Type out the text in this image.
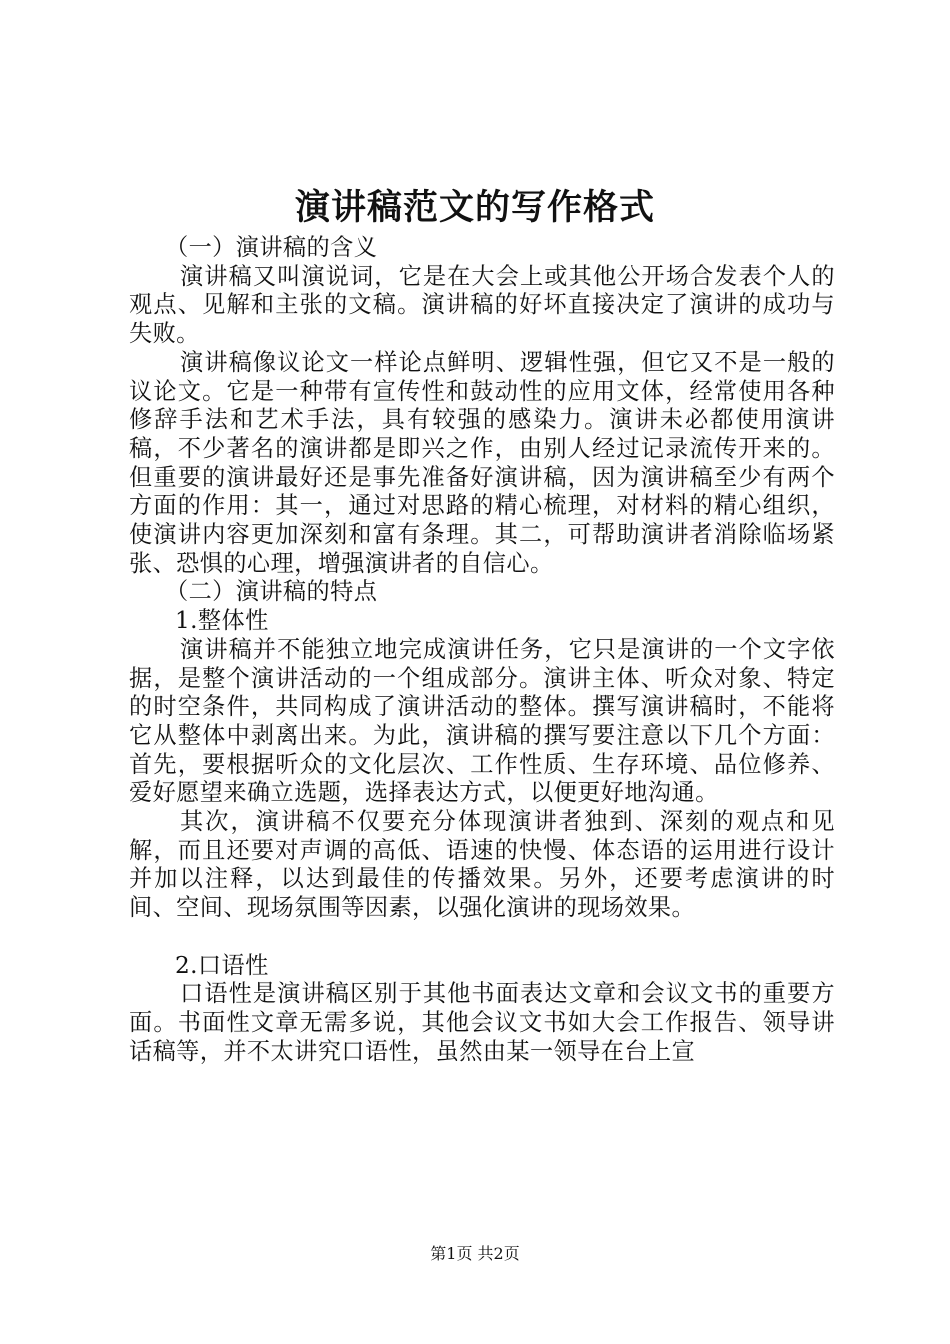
演讲稿范文的写作格式

（一）演讲稿的含义

演讲稿又叫演说词，它是在大会上或其他公开场合发表个人的观点、见解和主张的文稿。演讲稿的好坏直接决定了演讲的成功与失败。

演讲稿像议论文一样论点鲜明、逻辑性强，但它又不是一般的议论文。它是一种带有宣传性和鼓动性的应用文体，经常使用各种修辞手法和艺术手法，具有较强的感染力。演讲未必都使用演讲稿，不少著名的演讲都是即兴之作，由别人经过记录流传开来的。但重要的演讲最好还是事先准备好演讲稿，因为演讲稿至少有两个方面的作用：其一，通过对思路的精心梳理，对材料的精心组织，使演讲内容更加深刻和富有条理。其二，可帮助演讲者消除临场紧张、恐惧的心理，增强演讲者的自信心。

（二）演讲稿的特点

1.整体性

演讲稿并不能独立地完成演讲任务，它只是演讲的一个文字依据，是整个演讲活动的一个组成部分。演讲主体、听众对象、特定的时空条件，共同构成了演讲活动的整体。撰写演讲稿时，不能将它从整体中剥离出来。为此，演讲稿的撰写要注意以下几个方面：首先，要根据听众的文化层次、工作性质、生存环境、品位修养、爱好愿望来确立选题，选择表达方式，以便更好地沟通。

其次，演讲稿不仅要充分体现演讲者独到、深刻的观点和见解，而且还要对声调的高低、语速的快慢、体态语的运用进行设计并加以注释，以达到最佳的传播效果。另外，还要考虑演讲的时间、空间、现场氛围等因素，以强化演讲的现场效果。

2.口语性

口语性是演讲稿区别于其他书面表达文章和会议文书的重要方面。书面性文章无需多说，其他会议文书如大会工作报告、领导讲话稿等，并不太讲究口语性，虽然由某一领导在台上宣

第1页 共2页
